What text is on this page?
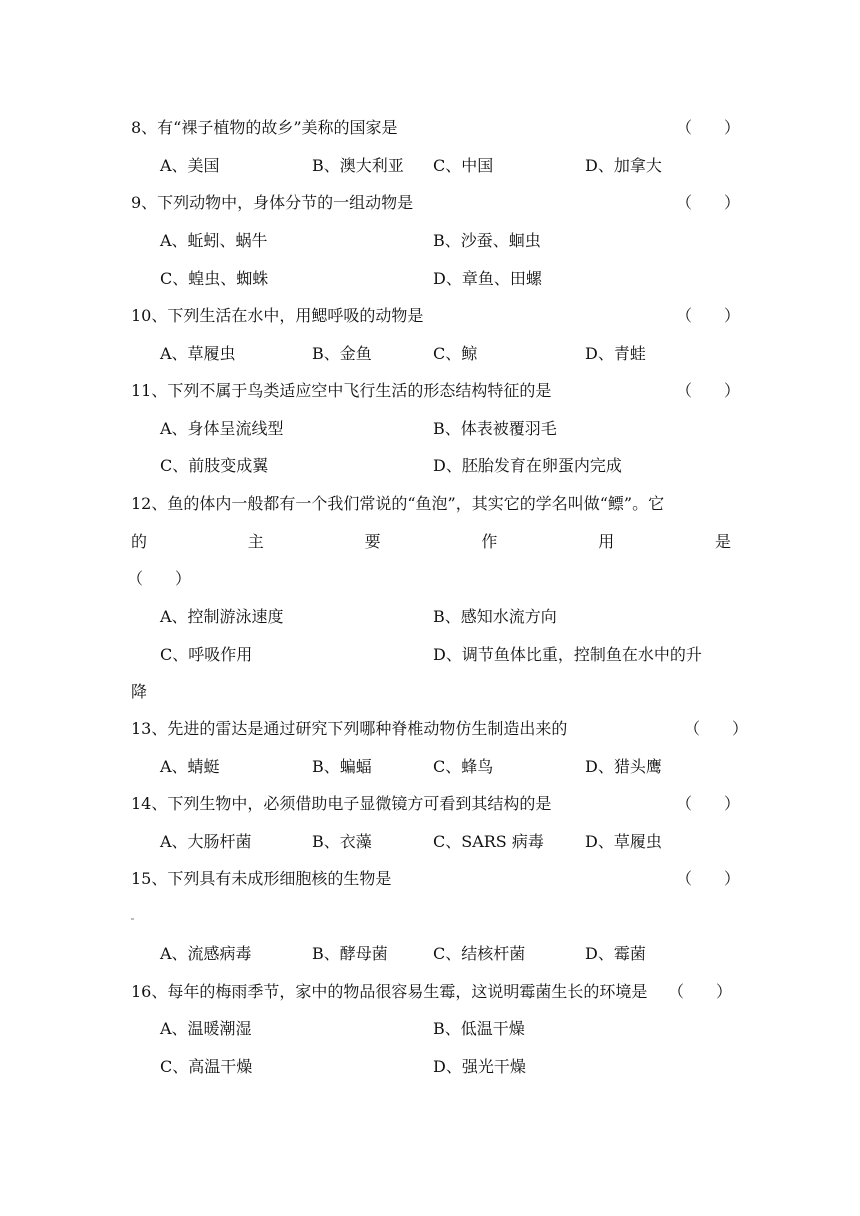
8、有“裸子植物的故乡”美称的国家是	（　　）
A、美国	B、澳大利亚 C、中国	D、加拿大
9、下列动物中，身体分节的一组动物是	（　　）
A、蚯蚓、蜗牛	B、沙蚕、蛔虫
C、蝗虫、蜘蛛	D、章鱼、田螺
10、下列生活在水中，用鳃呼吸的动物是	（　　）
A、草履虫	B、金鱼	C、鲸	D、青蛙
11、下列不属于鸟类适应空中飞行生活的形态结构特征的是	（　　）
A、身体呈流线型	B、体表被覆羽毛
C、前肢变成翼	D、胚胎发育在卵蛋内完成
12、鱼的体内一般都有一个我们常说的“鱼泡”，其实它的学名叫做“鳔”。它
的	主	要	作	用	是
（　　）
A、控制游泳速度	B、感知水流方向
C、呼吸作用	D、调节鱼体比重，控制鱼在水中的升
降
13、先进的雷达是通过研究下列哪种脊椎动物仿生制造出来的	（　　）
A、蜻蜓	B、蝙蝠	C、蜂鸟	D、猎头鹰
14、下列生物中，必须借助电子显微镜方可看到其结构的是	（　　）
A、大肠杆菌	B、衣藻	C、SARS 病毒	D、草履虫
15、下列具有未成形细胞核的生物是	（　　）
A、流感病毒	B、酵母菌	C、结核杆菌	D、霉菌
16、每年的梅雨季节，家中的物品很容易生霉，这说明霉菌生长的环境是 （　　）
A、温暖潮湿	B、低温干燥
C、高温干燥	D、强光干燥
